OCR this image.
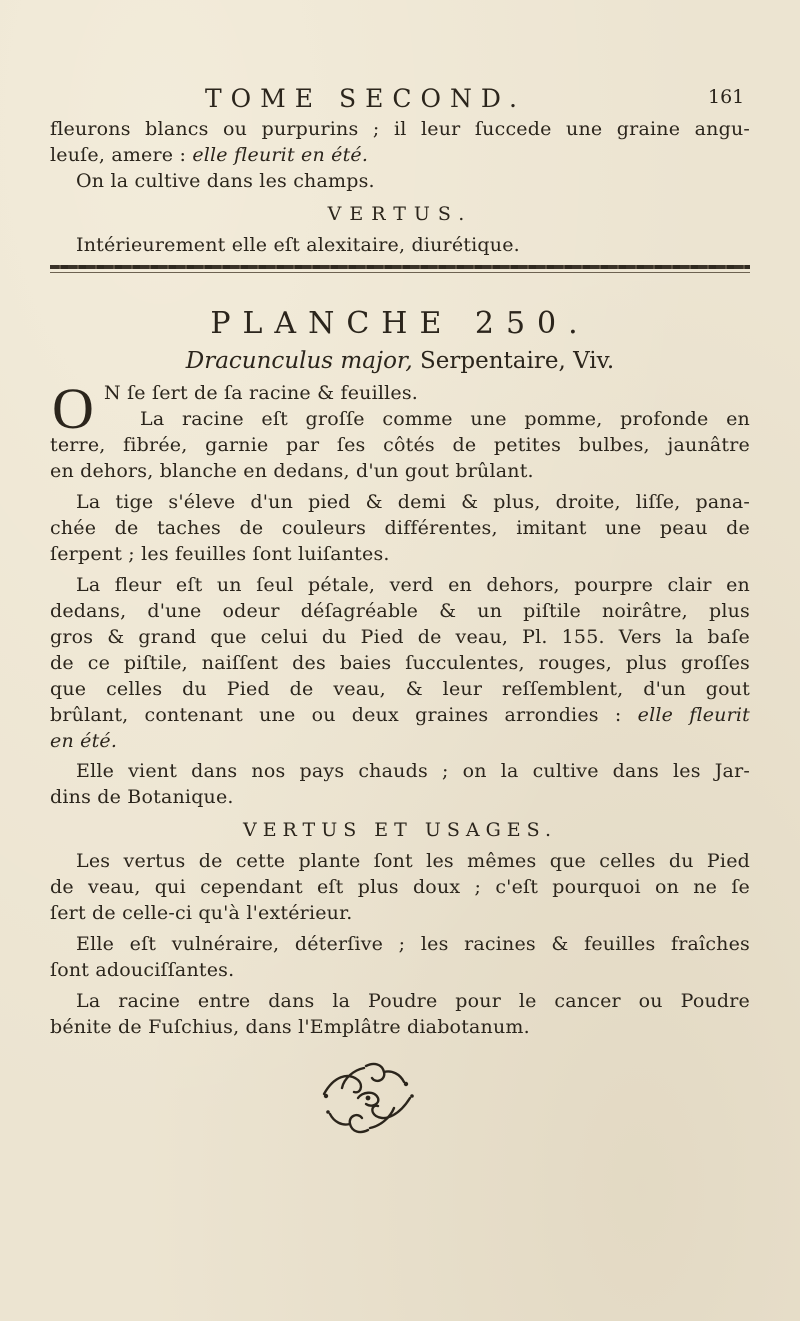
TOME SECOND.	161
fleurons blancs ou purpurins ; il leur ſuccede une graine angu-
leuſe, amere : elle fleurit en été.
On la cultive dans les champs.
VERTUS.
Intérieurement elle eſt alexitaire, diurétique.
PLANCHE 250.
Dracunculus major, Serpentaire, Viv.
O N ſe ſert de ſa racine & feuilles.
La racine eſt groſſe comme une pomme, profonde en
terre, fibrée, garnie par ſes côtés de petites bulbes, jaunâtre
en dehors, blanche en dedans, d'un gout brûlant.
La tige s'éleve d'un pied & demi & plus, droite, liſſe, pana-
chée de taches de couleurs différentes, imitant une peau de
ſerpent ; les feuilles ſont luiſantes.
La fleur eſt un ſeul pétale, verd en dehors, pourpre clair en
dedans, d'une odeur déſagréable & un piſtile noirâtre, plus
gros & grand que celui du Pied de veau, Pl. 155. Vers la baſe
de ce piſtile, naiſſent des baies ſucculentes, rouges, plus groſſes
que celles du Pied de veau, & leur reſſemblent, d'un gout
brûlant, contenant une ou deux graines arrondies : elle fleurit
en été.
Elle vient dans nos pays chauds ; on la cultive dans les Jar-
dins de Botanique.
VERTUS ET USAGES.
Les vertus de cette plante ſont les mêmes que celles du Pied
de veau, qui cependant eſt plus doux ; c'eſt pourquoi on ne ſe
ſert de celle-ci qu'à l'extérieur.
Elle eſt vulnéraire, déterſive ; les racines & feuilles fraîches
ſont adouciſſantes.
La racine entre dans la Poudre pour le cancer ou Poudre
bénite de Fuſchius, dans l'Emplâtre diabotanum.
